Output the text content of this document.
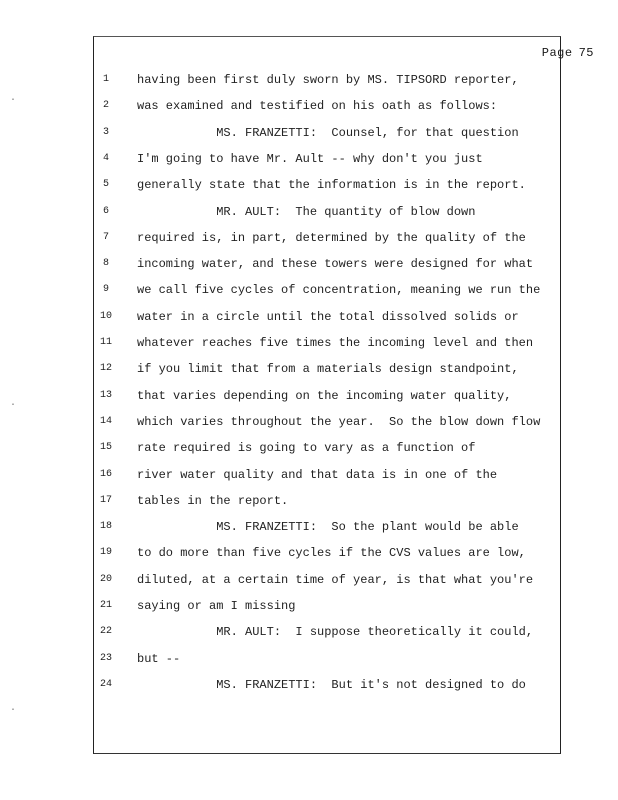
Page 75
·
·
·
1	having been first duly sworn by MS. TIPSORD reporter,
2	was examined and testified on his oath as follows:
3	MS. FRANZETTI:  Counsel, for that question
4	I'm going to have Mr. Ault -- why don't you just
5	generally state that the information is in the report.
6	MR. AULT:  The quantity of blow down
7	required is, in part, determined by the quality of the
8	incoming water, and these towers were designed for what
9	we call five cycles of concentration, meaning we run the
10	water in a circle until the total dissolved solids or
11	whatever reaches five times the incoming level and then
12	if you limit that from a materials design standpoint,
13	that varies depending on the incoming water quality,
14	which varies throughout the year.  So the blow down flow
15	rate required is going to vary as a function of
16	river water quality and that data is in one of the
17	tables in the report.
18	MS. FRANZETTI:  So the plant would be able
19	to do more than five cycles if the CVS values are low,
20	diluted, at a certain time of year, is that what you're
21	saying or am I missing
22	MR. AULT:  I suppose theoretically it could,
23	but --
24	MS. FRANZETTI:  But it's not designed to do
